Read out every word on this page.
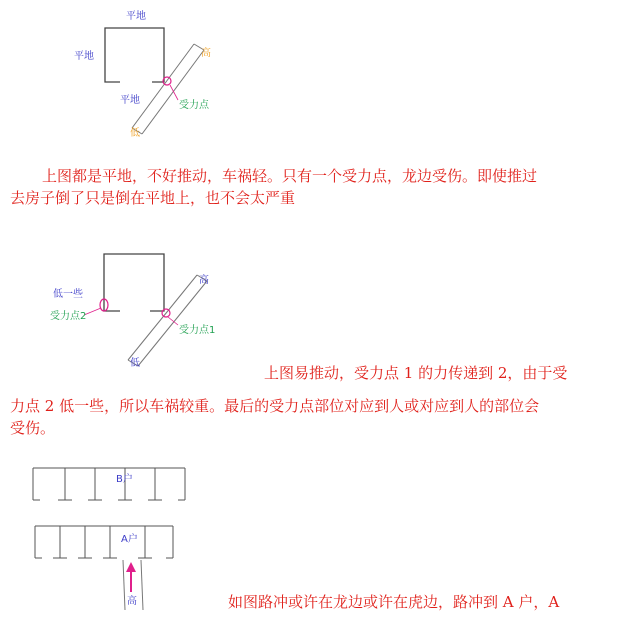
平地
平地
平地
高
低
受力点

上图都是平地，不好推动，车祸轻。只有一个受力点，龙边受伤。即使推过
去房子倒了只是倒在平地上，也不会太严重

低一些
受力点2
高
受力点1
低

上图易推动，受力点 1 的力传递到 2，由于受

力点 2 低一些，所以车祸较重。最后的受力点部位对应到人或对应到人的部位会
受伤。

B户
A户
高	如图路冲或许在龙边或许在虎边，路冲到 A 户，A
